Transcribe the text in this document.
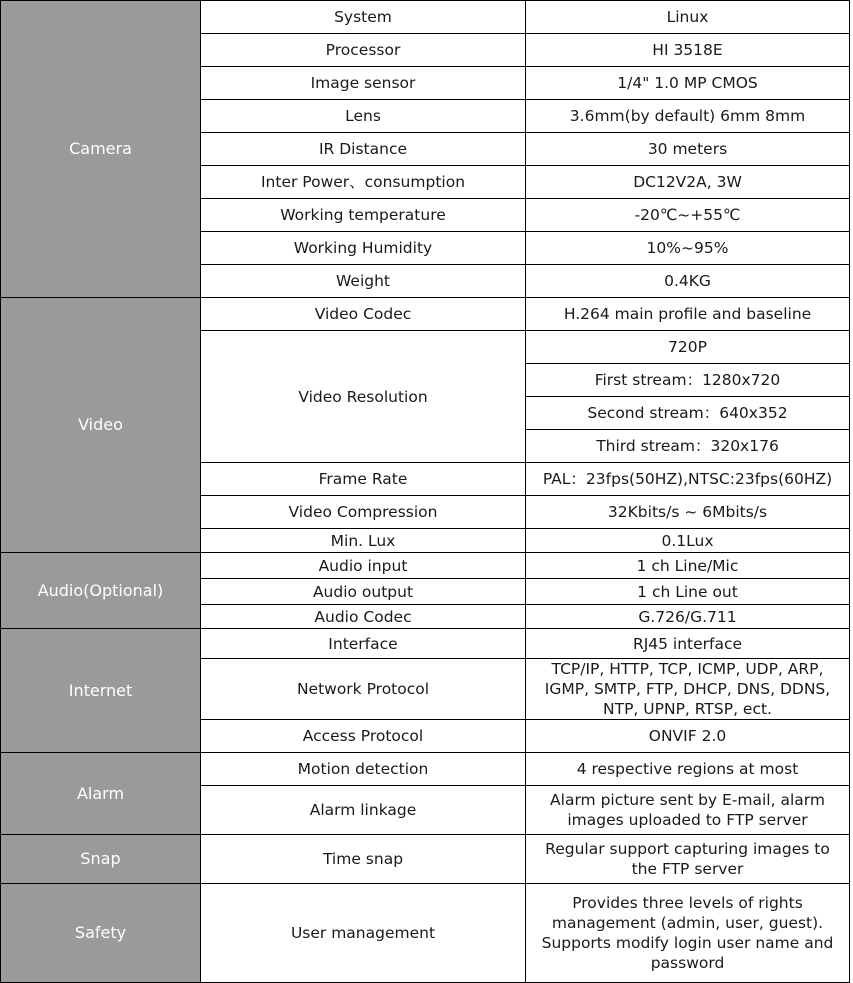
Camera	System	Linux
	Processor	HI 3518E
	Image sensor	1/4" 1.0 MP CMOS
	Lens	3.6mm(by default) 6mm 8mm
	IR Distance	30 meters
	Inter Power、consumption	DC12V2A, 3W
	Working temperature	-20℃~+55℃
	Working Humidity	10%~95%
	Weight	0.4KG
Video	Video Codec	H.264 main profile and baseline
	Video Resolution	720P
		First stream：1280x720
		Second stream：640x352
		Third stream：320x176
	Frame Rate	PAL：23fps(50HZ),NTSC:23fps(60HZ)
	Video Compression	32Kbits/s ~ 6Mbits/s
	Min. Lux	0.1Lux
Audio(Optional)	Audio input	1 ch Line/Mic
	Audio output	1 ch Line out
	Audio Codec	G.726/G.711
Internet	Interface	RJ45 interface
	Network Protocol	TCP/IP, HTTP, TCP, ICMP, UDP, ARP, IGMP, SMTP, FTP, DHCP, DNS, DDNS, NTP, UPNP, RTSP, ect.
	Access Protocol	ONVIF 2.0
Alarm	Motion detection	4 respective regions at most
	Alarm linkage	Alarm picture sent by E-mail, alarm images uploaded to FTP server
Snap	Time snap	Regular support capturing images to the FTP server
Safety	User management	Provides three levels of rights management (admin, user, guest). Supports modify login user name and password
